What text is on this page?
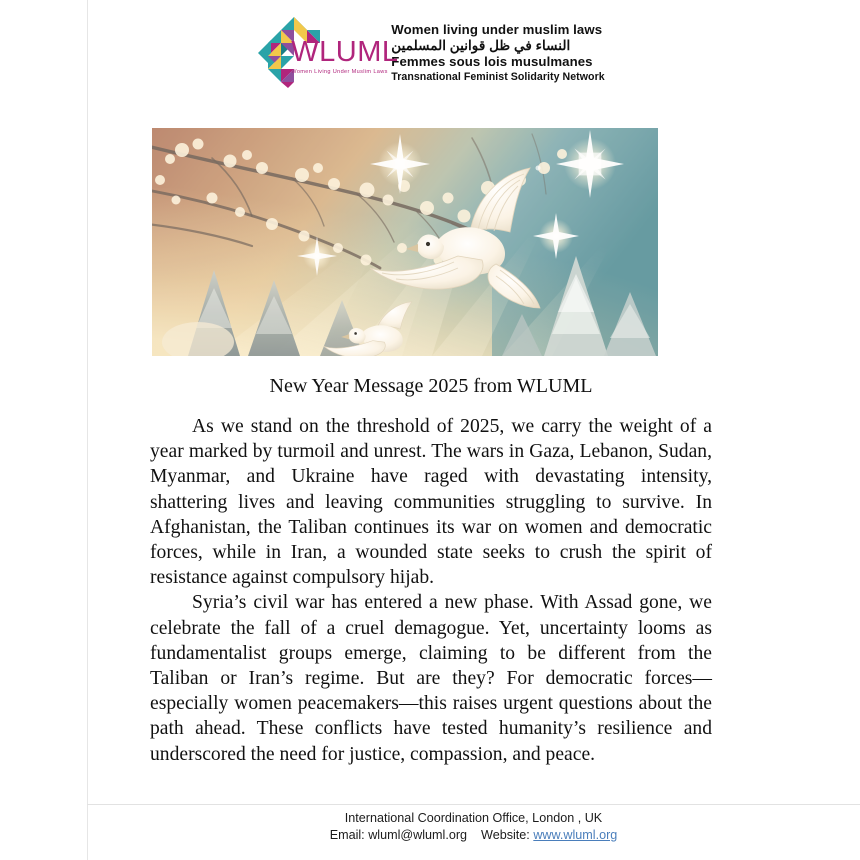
WLUML
Women Living Under Muslim Laws
Women living under muslim laws
النساء في ظل قوانين المسلمين
Femmes sous lois musulmanes
Transnational Feminist Solidarity Network
New Year Message 2025 from WLUML

As we stand on the threshold of 2025, we carry the weight of a year marked by turmoil and unrest. The wars in Gaza, Lebanon, Sudan, Myanmar, and Ukraine have raged with devastating intensity, shattering lives and leaving communities struggling to survive. In Afghanistan, the Taliban continues its war on women and democratic forces, while in Iran, a wounded state seeks to crush the spirit of resistance against compulsory hijab.

Syria’s civil war has entered a new phase. With Assad gone, we celebrate the fall of a cruel demagogue. Yet, uncertainty looms as fundamentalist groups emerge, claiming to be different from the Taliban or Iran’s regime. But are they? For democratic forces—especially women peacemakers—this raises urgent questions about the path ahead. These conflicts have tested humanity’s resilience and underscored the need for justice, compassion, and peace.

International Coordination Office, London , UK
Email: wluml@wluml.org Website: www.wluml.org
